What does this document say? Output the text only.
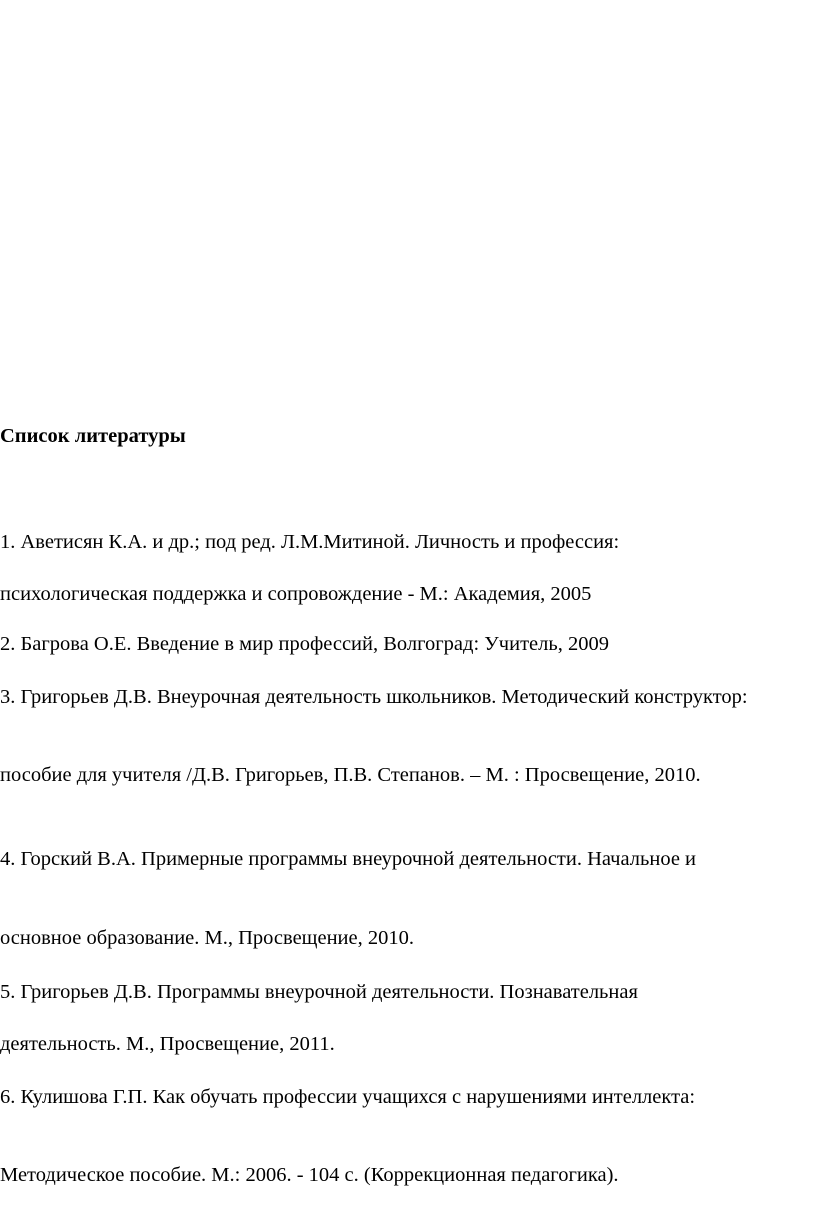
Список литературы

1. Аветисян К.А. и др.; под ред. Л.М.Митиной. Личность и профессия:

психологическая поддержка и сопровождение - М.: Академия, 2005

2. Багрова О.Е. Введение в мир профессий, Волгоград: Учитель, 2009

3. Григорьев Д.В. Внеурочная деятельность школьников. Методический конструктор:

пособие для учителя /Д.В. Григорьев, П.В. Степанов. – М. : Просвещение, 2010.

4. Горский В.А. Примерные программы внеурочной деятельности. Начальное и

основное образование. М., Просвещение, 2010.

5. Григорьев Д.В. Программы внеурочной деятельности. Познавательная

деятельность. М., Просвещение, 2011.

6. Кулишова Г.П. Как обучать профессии учащихся с нарушениями интеллекта:

Методическое пособие. М.: 2006. - 104 с. (Коррекционная педагогика).
